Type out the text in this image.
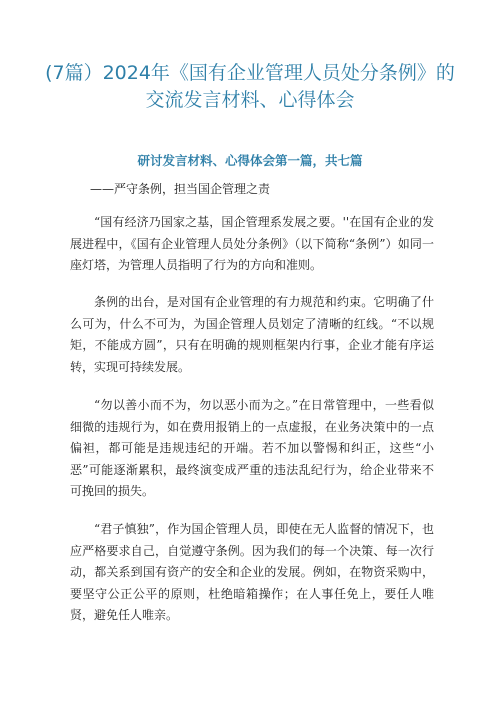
(7篇）2024年《国有企业管理人员处分条例》的交流发言材料、心得体会
研讨发言材料、心得体会第一篇，共七篇
——严守条例，担当国企管理之责

“国有经济乃国家之基，国企管理系发展之要。''在国有企业的发展进程中，《国有企业管理人员处分条例》（以下简称“条例”）如同一座灯塔，为管理人员指明了行为的方向和准则。

条例的出台，是对国有企业管理的有力规范和约束。它明确了什么可为，什么不可为，为国企管理人员划定了清晰的红线。“不以规矩，不能成方圆”，只有在明确的规则框架内行事，企业才能有序运转，实现可持续发展。

“勿以善小而不为，勿以恶小而为之。”在日常管理中，一些看似细微的违规行为，如在费用报销上的一点虚报，在业务决策中的一点偏袒，都可能是违规违纪的开端。若不加以警惕和纠正，这些“小恶”可能逐渐累积，最终演变成严重的违法乱纪行为，给企业带来不可挽回的损失。

“君子慎独”，作为国企管理人员，即使在无人监督的情况下，也应严格要求自己，自觉遵守条例。因为我们的每一个决策、每一次行动，都关系到国有资产的安全和企业的发展。例如，在物资采购中，要坚守公正公平的原则，杜绝暗箱操作；在人事任免上，要任人唯贤，避免任人唯亲。
